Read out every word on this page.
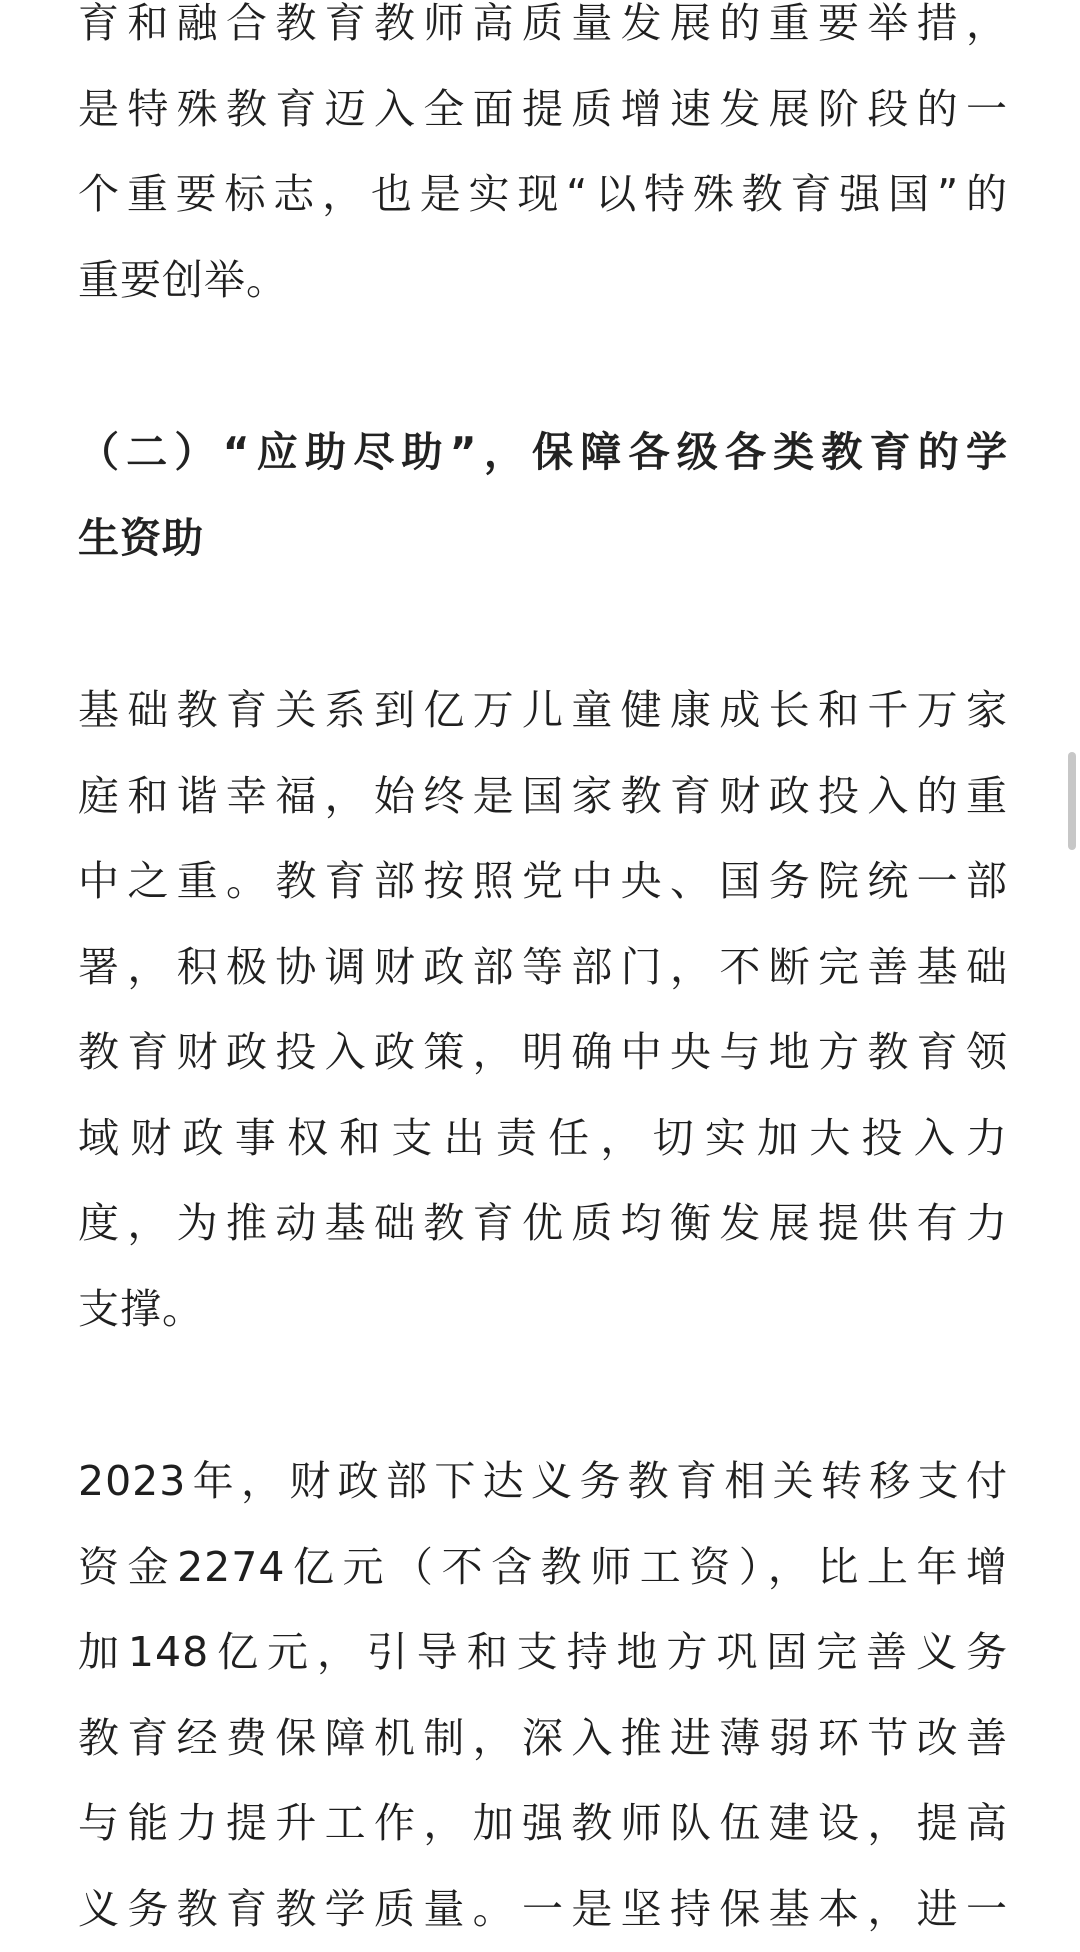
育和融合教育教师高质量发展的重要举措，
是特殊教育迈入全面提质增速发展阶段的一
个重要标志，也是实现“以特殊教育强国”的
重要创举。
（二）“应助尽助”，保障各级各类教育的学
生资助
基础教育关系到亿万儿童健康成长和千万家
庭和谐幸福，始终是国家教育财政投入的重
中之重。教育部按照党中央、国务院统一部
署，积极协调财政部等部门，不断完善基础
教育财政投入政策，明确中央与地方教育领
域财政事权和支出责任，切实加大投入力
度，为推动基础教育优质均衡发展提供有力
支撑。
2023年，财政部下达义务教育相关转移支付
资金2274亿元（不含教师工资），比上年增
加148亿元，引导和支持地方巩固完善义务
教育经费保障机制，深入推进薄弱环节改善
与能力提升工作，加强教师队伍建设，提高
义务教育教学质量。一是坚持保基本，进一
